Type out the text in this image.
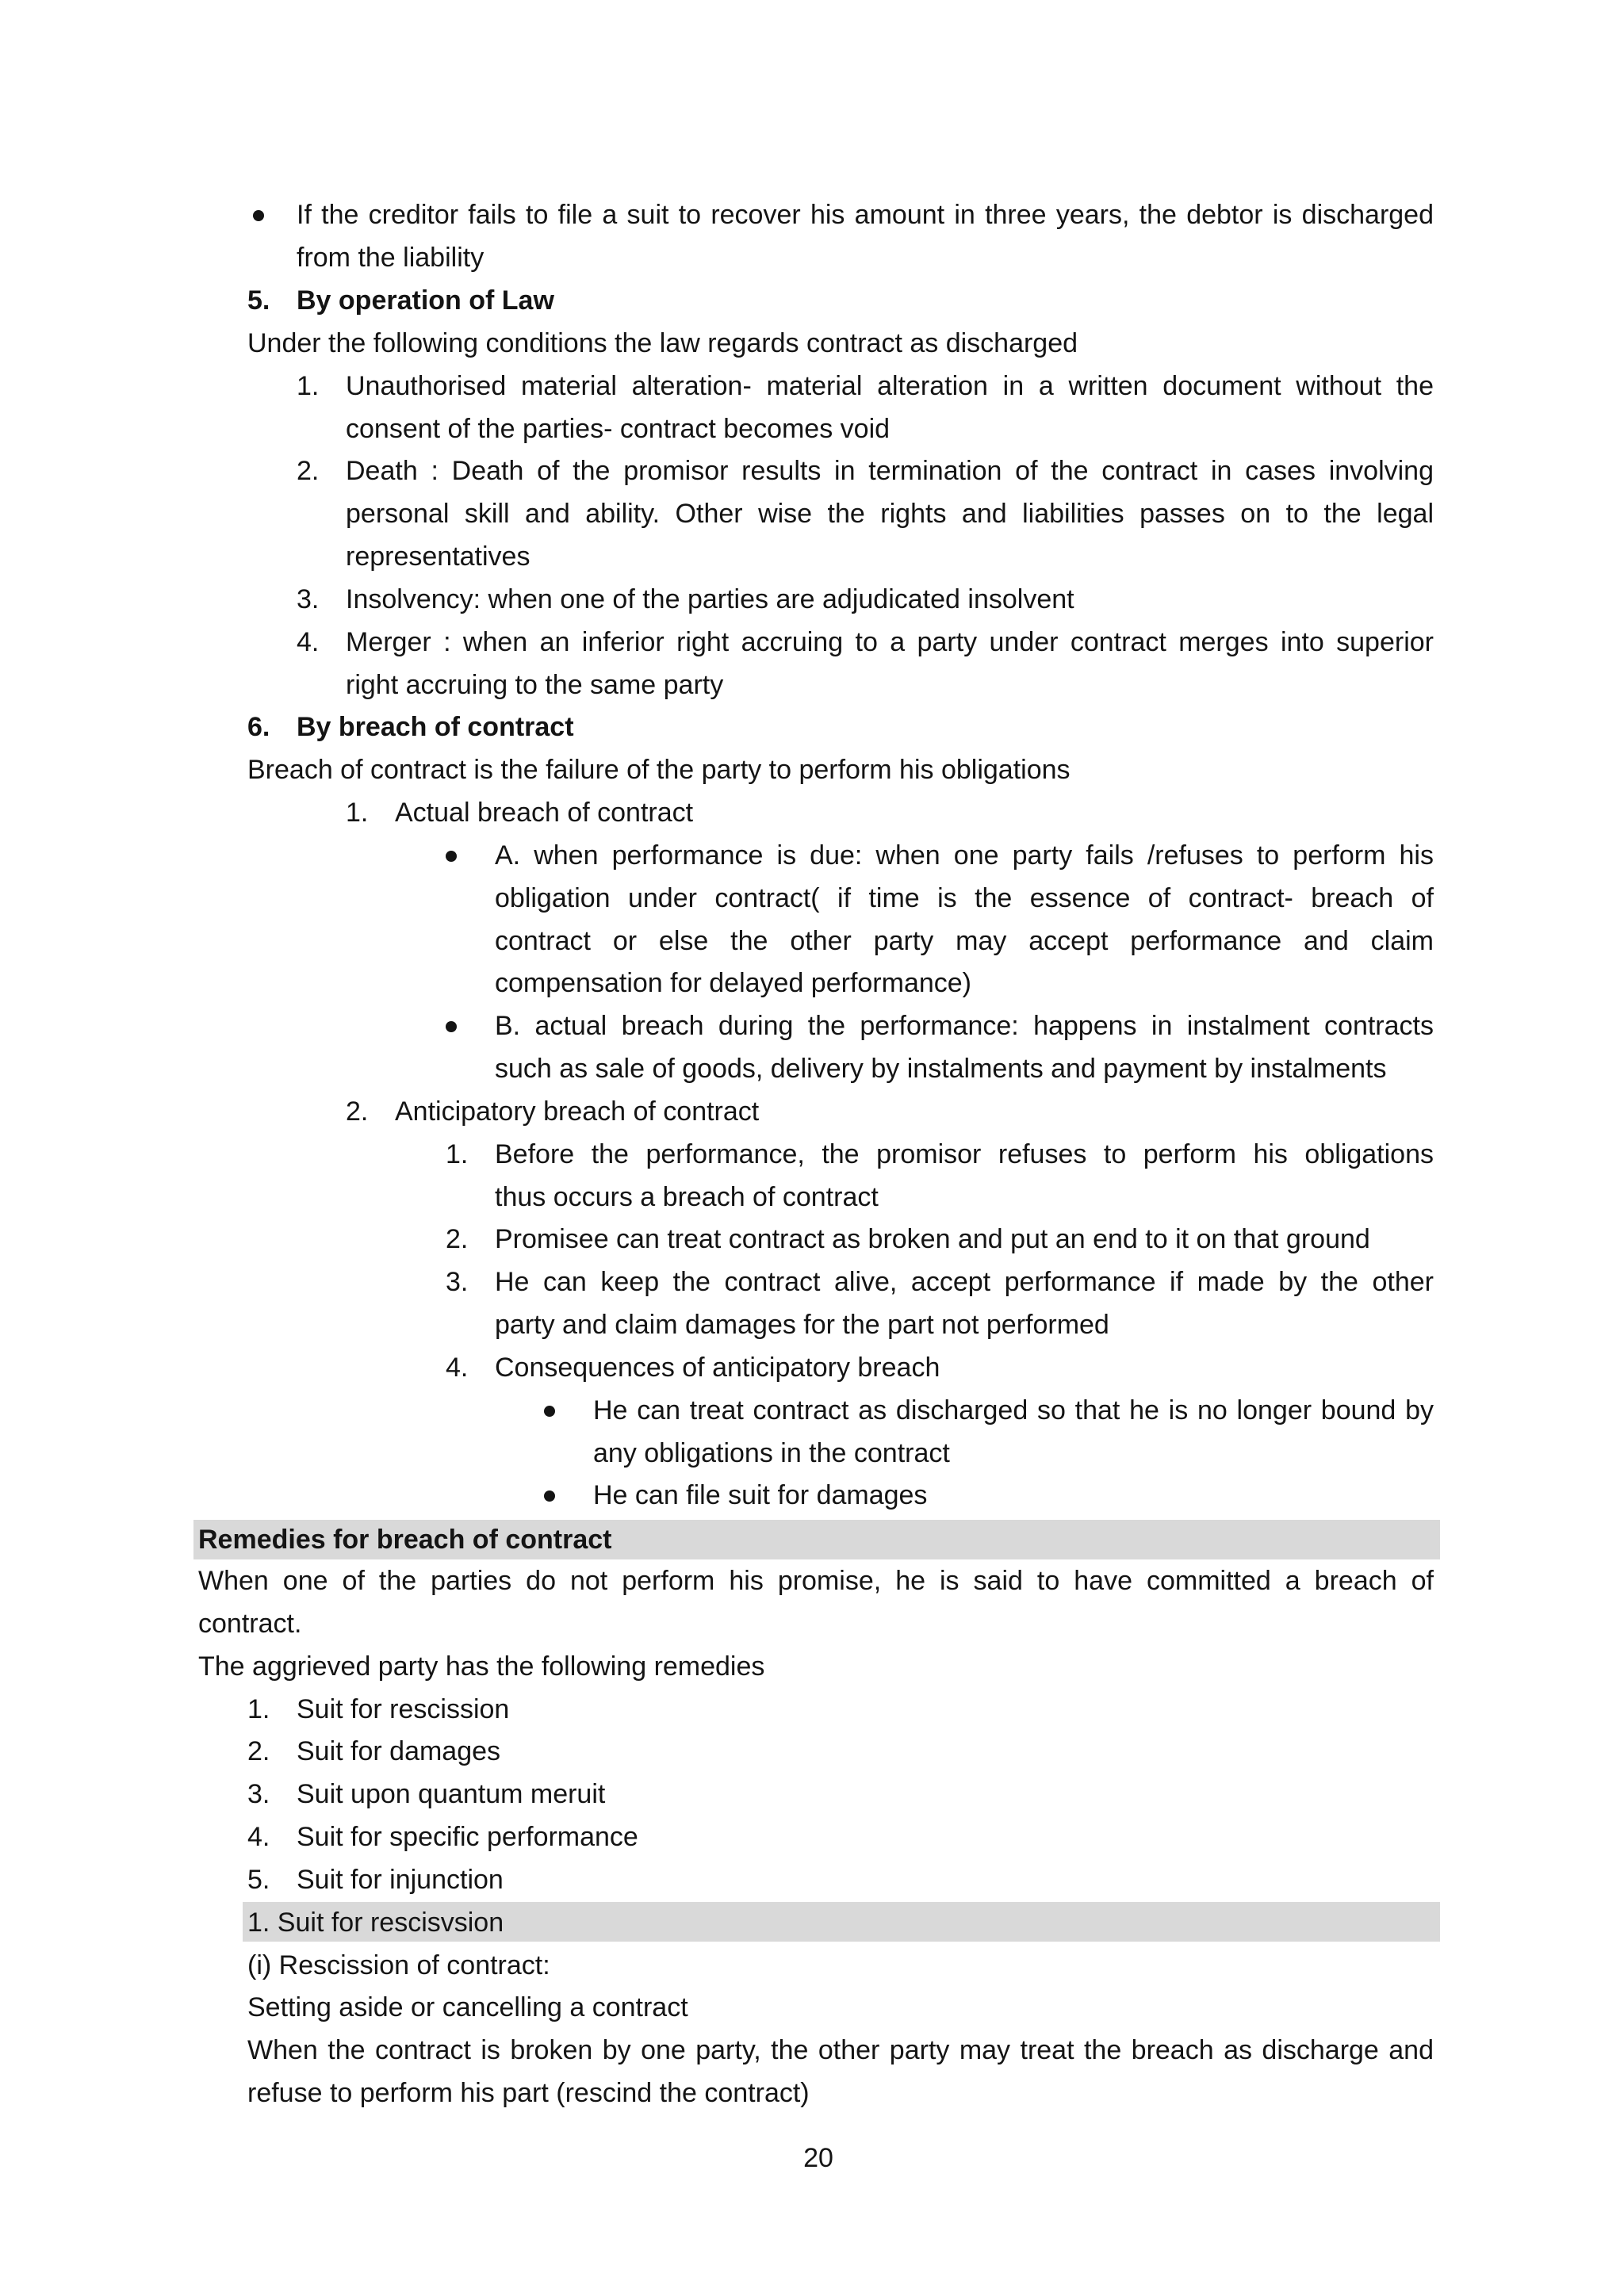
If the creditor fails to file a suit to recover his amount in three years, the debtor is discharged
from the liability
5. By operation of Law
Under the following conditions the law regards contract as discharged
1. Unauthorised material alteration- material alteration in a written document without the
consent of the parties- contract becomes void
2. Death : Death of the promisor results in termination of the contract in cases involving
personal skill and ability. Other wise the rights and liabilities passes on to the legal
representatives
3. Insolvency: when one of the parties are adjudicated insolvent
4. Merger : when an inferior right accruing to a party under contract merges into superior
right accruing to the same party
6. By breach of contract
Breach of contract is the failure of the party to perform his obligations
1. Actual breach of contract
A. when performance is due: when one party fails /refuses to perform his
obligation under contract( if time is the essence of contract- breach of
contract or else the other party may accept performance and claim
compensation for delayed performance)
B. actual breach during the performance: happens in instalment contracts
such as sale of goods, delivery by instalments and payment by instalments
2. Anticipatory breach of contract
1. Before the performance, the promisor refuses to perform his obligations
thus occurs a breach of contract
2. Promisee can treat contract as broken and put an end to it on that ground
3. He can keep the contract alive, accept performance if made by the other
party and claim damages for the part not performed
4. Consequences of anticipatory breach
He can treat contract as discharged so that he is no longer bound by
any obligations in the contract
He can file suit for damages
Remedies for breach of contract
When one of the parties do not perform his promise, he is said to have committed a breach of
contract.
The aggrieved party has the following remedies
1. Suit for rescission
2. Suit for damages
3. Suit upon quantum meruit
4. Suit for specific performance
5. Suit for injunction
1. Suit for rescisvsion
(i) Rescission of contract:
Setting aside or cancelling a contract
When the contract is broken by one party, the other party may treat the breach as discharge and
refuse to perform his part (rescind the contract)
20
